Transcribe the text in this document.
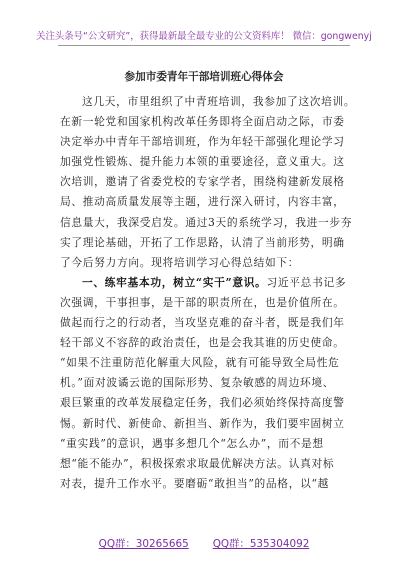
关注头条号“公文研究”，获得最新最全最专业的公文资料库！ 微信：gongwenyj
参加市委青年干部培训班心得体会
这几天，市里组织了中青班培训，我参加了这次培训。
在新一轮党和国家机构改革任务即将全面启动之际，市委
决定举办中青年干部培训班，作为年轻干部强化理论学习
加强党性锻炼、提升能力本领的重要途径，意义重大。这
次培训，邀请了省委党校的专家学者，围绕构建新发展格
局、推动高质量发展等主题，进行深入研讨，内容丰富，
信息量大，我深受启发。通过3天的系统学习，我进一步夯
实了理论基础，开拓了工作思路，认清了当前形势，明确
了今后努力方向。现将培训学习心得总结如下：
一、练牢基本功，树立“实干”意识。习近平总书记多
次强调，干事担事，是干部的职责所在，也是价值所在。
做起而行之的行动者，当攻坚克难的奋斗者，既是我们年
轻干部义不容辞的政治责任，也是会我其谁的历史使命。
“如果不注重防范化解重大风险，就有可能导致全局性危
机。”面对波谲云诡的国际形势、复杂敏感的周边环境、
艰巨繁重的改革发展稳定任务，我们必须始终保持高度警
惕。新时代、新使命、新担当、新作为，我们要牢固树立
“重实践”的意识，遇事多想几个“怎么办”，而不是想
想“能不能办”，积极探索求取最优解决方法。认真对标
对表，提升工作水平。要磨砺“敢担当”的品格，以“越
QQ群：30265665 QQ群：535304092
